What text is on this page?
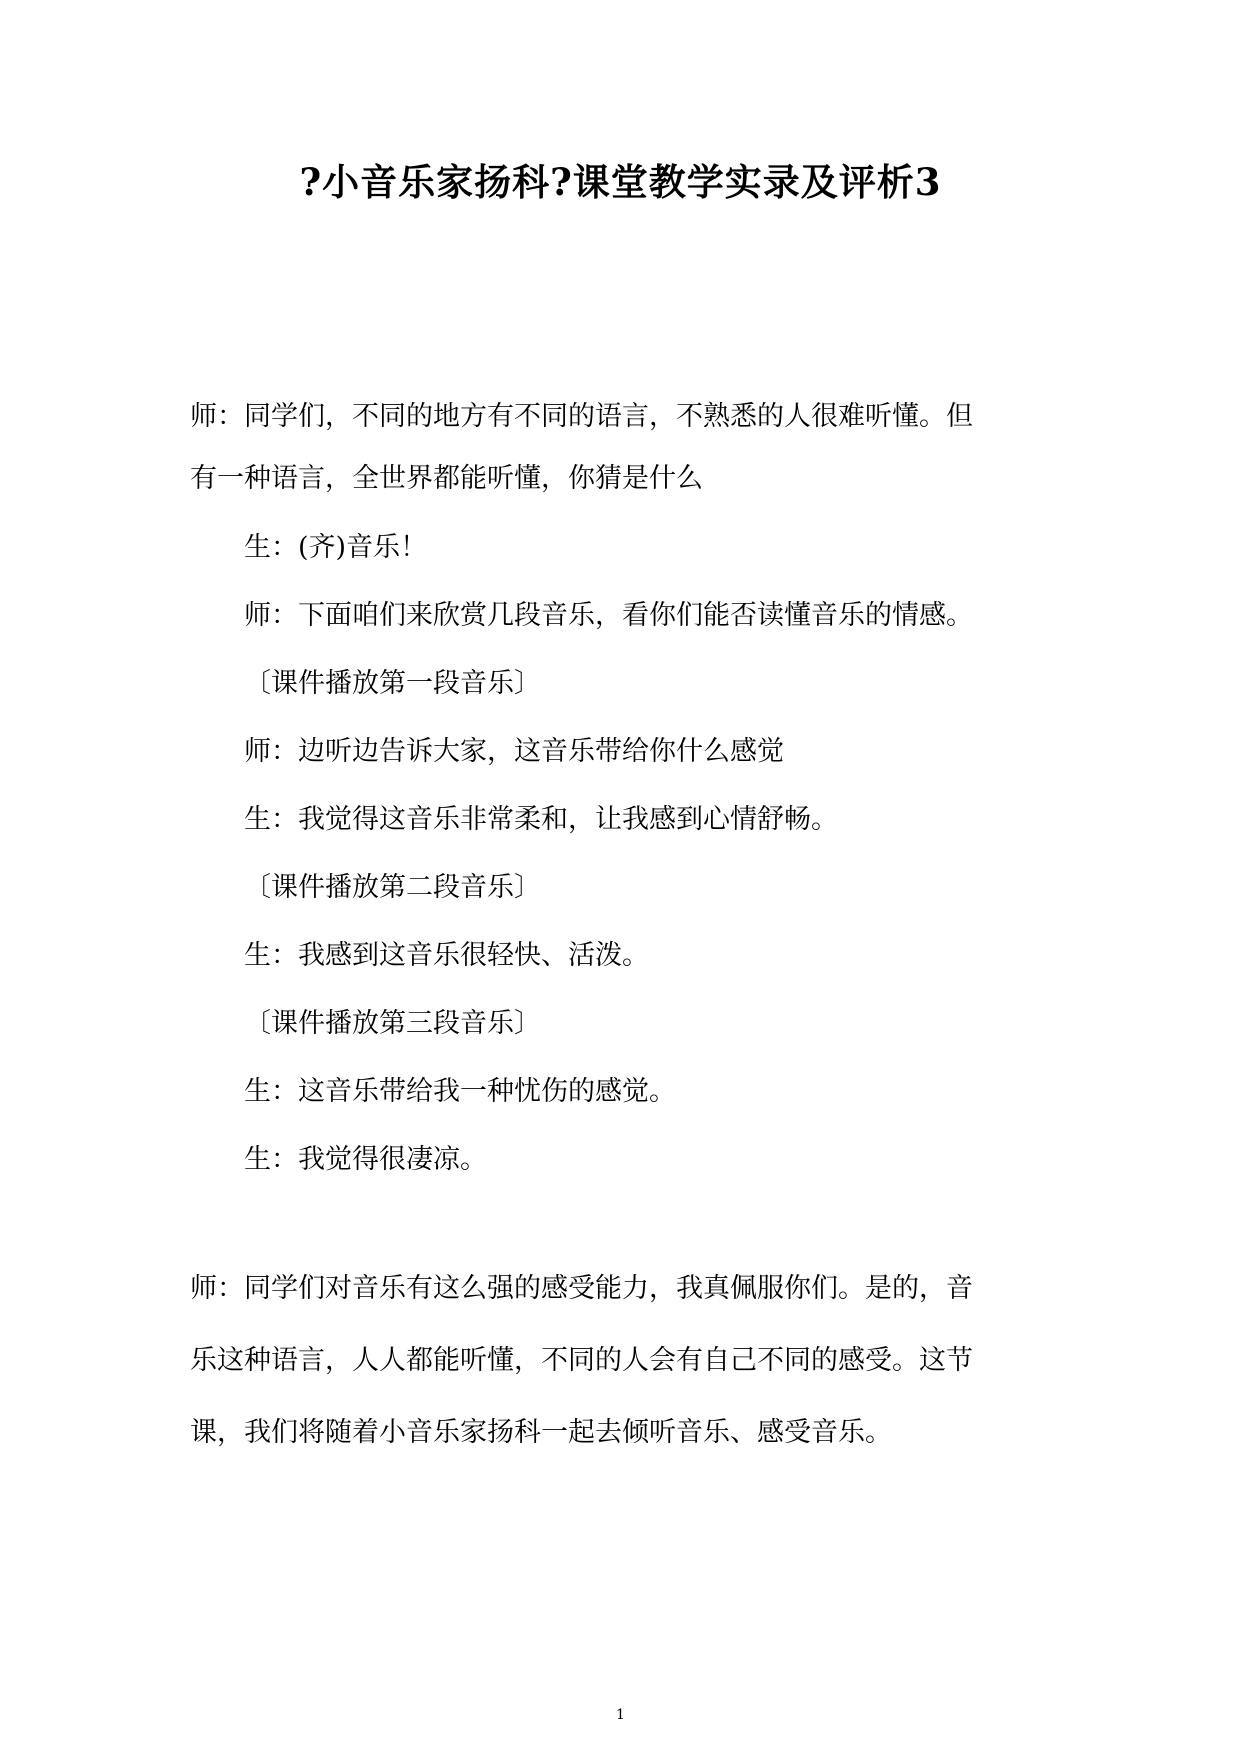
?小音乐家扬科?课堂教学实录及评析3

师：同学们，不同的地方有不同的语言，不熟悉的人很难听懂。但

有一种语言，全世界都能听懂，你猜是什么

生：(齐)音乐！

师：下面咱们来欣赏几段音乐，看你们能否读懂音乐的情感。

〔课件播放第一段音乐〕

师：边听边告诉大家，这音乐带给你什么感觉

生：我觉得这音乐非常柔和，让我感到心情舒畅。

〔课件播放第二段音乐〕

生：我感到这音乐很轻快、活泼。

〔课件播放第三段音乐〕

生：这音乐带给我一种忧伤的感觉。

生：我觉得很凄凉。

师：同学们对音乐有这么强的感受能力，我真佩服你们。是的，音

乐这种语言，人人都能听懂，不同的人会有自己不同的感受。这节

课，我们将随着小音乐家扬科一起去倾听音乐、感受音乐。

1
